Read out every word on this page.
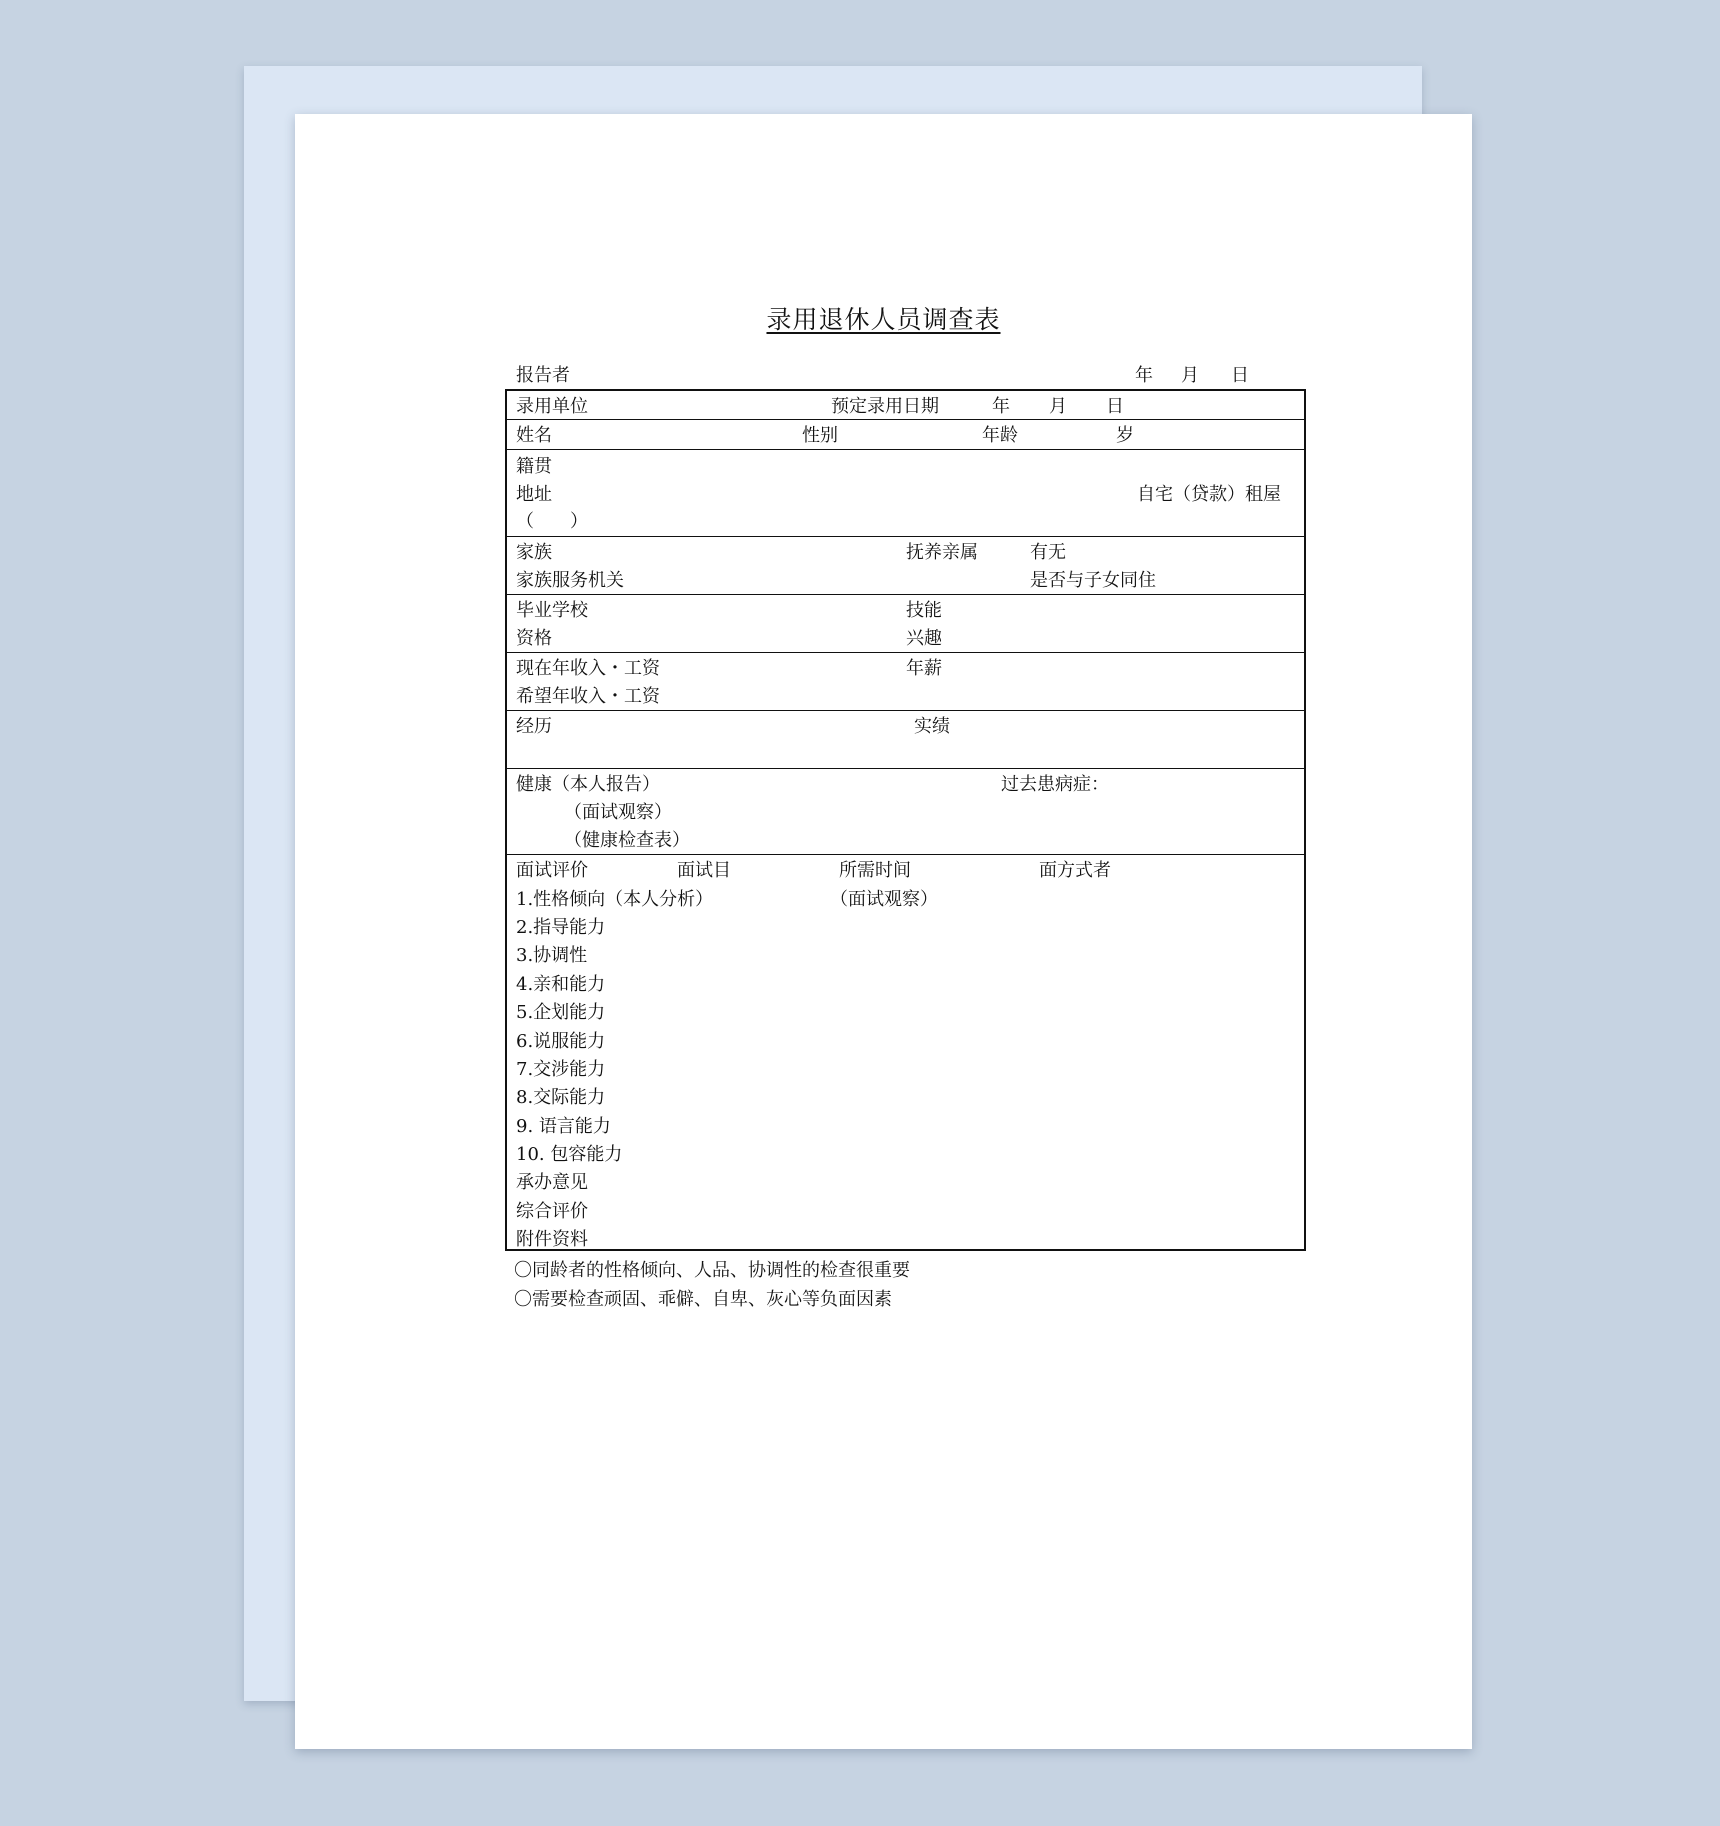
录用退休人员调查表
报告者	年 月 日
录用单位	预定录用日期	年 月 日
姓名	性别	年龄	岁
籍贯
地址	自宅（贷款）租屋
（　　）
家族	抚养亲属	有无
家族服务机关	是否与子女同住
毕业学校	技能
资格	兴趣
现在年收入・工资	年薪
希望年收入・工资
经历	实绩
健康（本人报告）	过去患病症：
（面试观察）
（健康检查表）
面试评价	面试目	所需时间	面方式者
1.性格倾向（本人分析）	（面试观察）
2.指导能力
3.协调性
4.亲和能力
5.企划能力
6.说服能力
7.交涉能力
8.交际能力
9. 语言能力
10. 包容能力
承办意见
综合评价
附件资料
〇同龄者的性格倾向、人品、协调性的检查很重要
〇需要检查顽固、乖僻、自卑、灰心等负面因素
